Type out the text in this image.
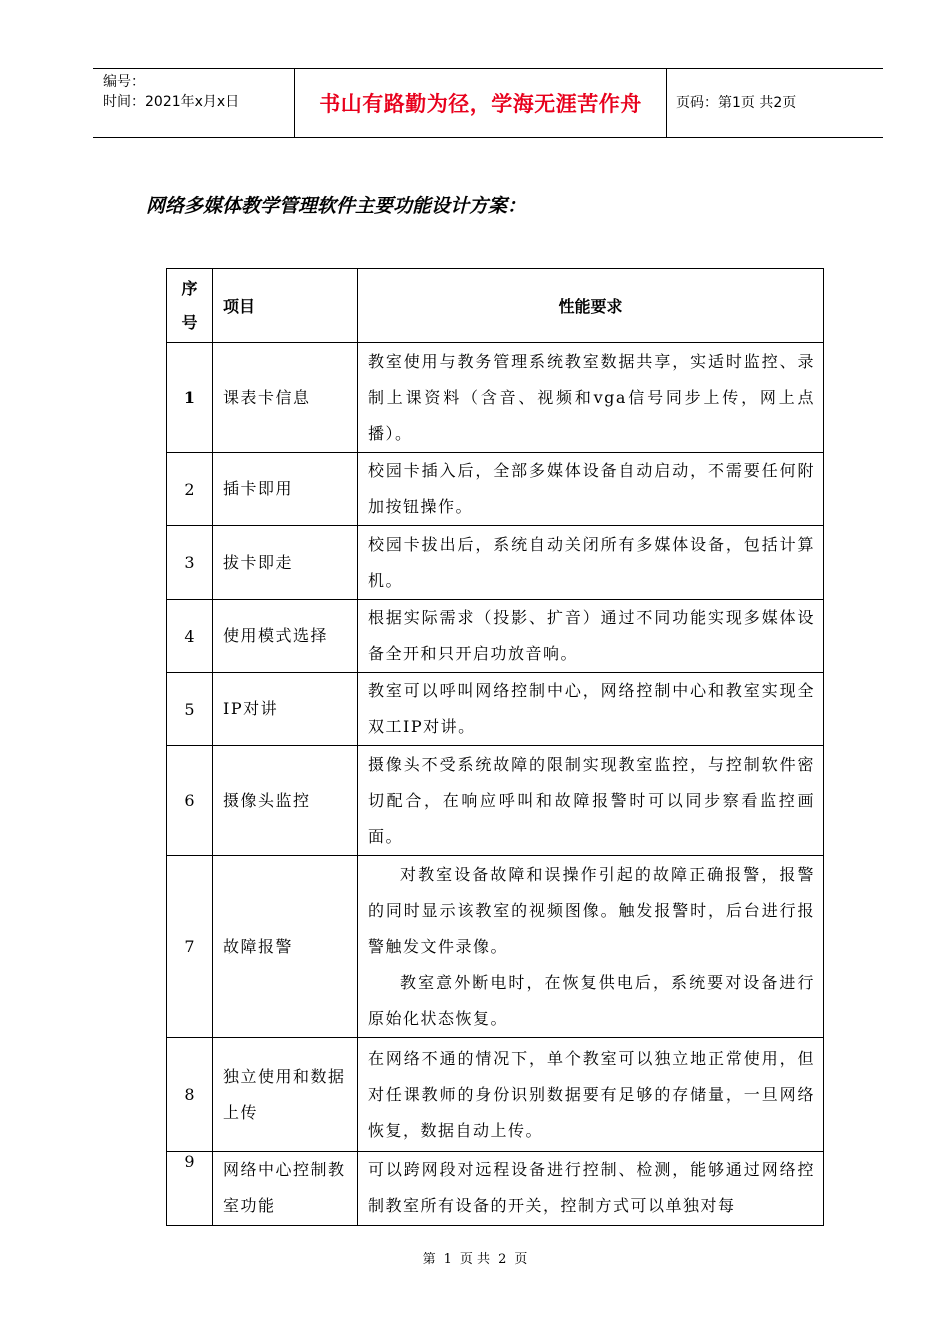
编号：
时间：2021年x月x日	书山有路勤为径，学海无涯苦作舟	页码：第1页 共2页
网络多媒体教学管理软件主要功能设计方案：
序
号	项目	性能要求
1	课表卡信息	教室使用与教务管理系统教室数据共享，实适时监控、录制上课资料（含音、视频和vga信号同步上传，网上点播）。

2	插卡即用	校园卡插入后，全部多媒体设备自动启动，不需要任何附加按钮操作。

3	拔卡即走	校园卡拔出后，系统自动关闭所有多媒体设备，包括计算机。

4	使用模式选择	根据实际需求（投影、扩音）通过不同功能实现多媒体设备全开和只开启功放音响。

5	IP对讲	教室可以呼叫网络控制中心，网络控制中心和教室实现全双工IP对讲。

6	摄像头监控	摄像头不受系统故障的限制实现教室监控，与控制软件密切配合，在响应呼叫和故障报警时可以同步察看监控画面。

7	故障报警	对教室设备故障和误操作引起的故障正确报警，报警的同时显示该教室的视频图像。触发报警时，后台进行报警触发文件录像。

教室意外断电时，在恢复供电后，系统要对设备进行原始化状态恢复。

8	独立使用和数据上传	在网络不通的情况下，单个教室可以独立地正常使用，但对任课教师的身份识别数据要有足够的存储量，一旦网络恢复，数据自动上传。

9	网络中心控制教室功能	可以跨网段对远程设备进行控制、检测，能够通过网络控制教室所有设备的开关，控制方式可以单独对每

第 1 页 共 2 页
